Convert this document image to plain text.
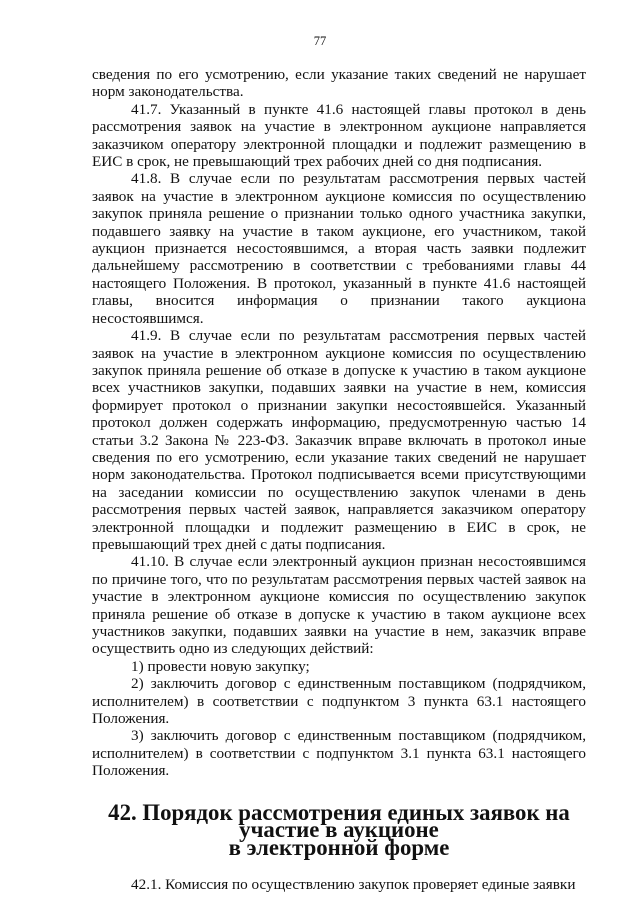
77

сведения по его усмотрению, если указание таких сведений не нарушает норм законодательства.

41.7. Указанный в пункте 41.6 настоящей главы протокол в день рассмотрения заявок на участие в электронном аукционе направляется заказчиком оператору электронной площадки и подлежит размещению в ЕИС в срок, не превышающий трех рабочих дней со дня подписания.

41.8. В случае если по результатам рассмотрения первых частей заявок на участие в электронном аукционе комиссия по осуществлению закупок приняла решение о признании только одного участника закупки, подавшего заявку на участие в таком аукционе, его участником, такой аукцион признается несостоявшимся, а вторая часть заявки подлежит дальнейшему рассмотрению в соответствии с требованиями главы 44 настоящего Положения. В протокол, указанный в пункте 41.6 настоящей главы, вносится информация о признании такого аукциона несостоявшимся.

41.9. В случае если по результатам рассмотрения первых частей заявок на участие в электронном аукционе комиссия по осуществлению закупок приняла решение об отказе в допуске к участию в таком аукционе всех участников закупки, подавших заявки на участие в нем, комиссия формирует протокол о признании закупки несостоявшейся. Указанный протокол должен содержать информацию, предусмотренную частью 14 статьи 3.2 Закона № 223-ФЗ. Заказчик вправе включать в протокол иные сведения по его усмотрению, если указание таких сведений не нарушает норм законодательства. Протокол подписывается всеми присутствующими на заседании комиссии по осуществлению закупок членами в день рассмотрения первых частей заявок, направляется заказчиком оператору электронной площадки и подлежит размещению в ЕИС в срок, не превышающий трех дней с даты подписания.

41.10. В случае если электронный аукцион признан несостоявшимся по причине того, что по результатам рассмотрения первых частей заявок на участие в электронном аукционе комиссия по осуществлению закупок приняла решение об отказе в допуске к участию в таком аукционе всех участников закупки, подавших заявки на участие в нем, заказчик вправе осуществить одно из следующих действий:

1) провести новую закупку;

2) заключить договор с единственным поставщиком (подрядчиком, исполнителем) в соответствии с подпунктом 3 пункта 63.1 настоящего Положения.

3) заключить договор с единственным поставщиком (подрядчиком, исполнителем) в соответствии с подпунктом 3.1 пункта 63.1 настоящего Положения.

42. Порядок рассмотрения единых заявок на участие в аукционе
в электронной форме

42.1. Комиссия по осуществлению закупок проверяет единые заявки
